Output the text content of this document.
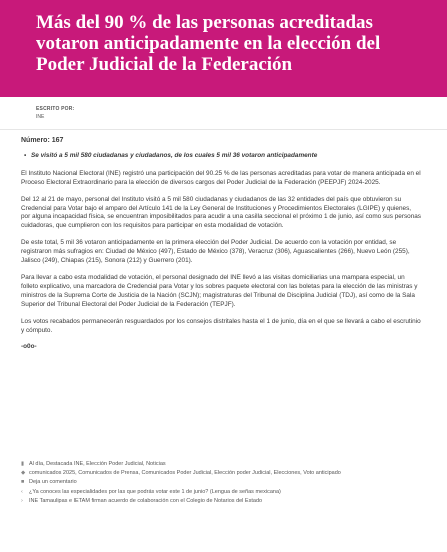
Más del 90 % de las personas acreditadas votaron anticipadamente en la elección del Poder Judicial de la Federación
ESCRITO POR:
INE
Número: 167
▪ Se visitó a 5 mil 580 ciudadanas y ciudadanos, de los cuales 5 mil 36 votaron anticipadamente

El Instituto Nacional Electoral (INE) registró una participación del 90.25 % de las personas acreditadas para votar de manera anticipada en el Proceso Electoral Extraordinario para la elección de diversos cargos del Poder Judicial de la Federación (PEEPJF) 2024-2025.

Del 12 al 21 de mayo, personal del Instituto visitó a 5 mil 580 ciudadanas y ciudadanos de las 32 entidades del país que obtuvieron su Credencial para Votar bajo el amparo del Artículo 141 de la Ley General de Instituciones y Procedimientos Electorales (LGIPE) y quienes, por alguna incapacidad física, se encuentran imposibilitados para acudir a una casilla seccional el próximo 1 de junio, así como sus personas cuidadoras, que cumplieron con los requisitos para participar en esta modalidad de votación.

De este total, 5 mil 36 votaron anticipadamente en la primera elección del Poder Judicial. De acuerdo con la votación por entidad, se registraron más sufragios en: Ciudad de México (497), Estado de México (378), Veracruz (306), Aguascalientes (266), Nuevo León (255), Jalisco (249), Chiapas (215), Sonora (212) y Guerrero (201).

Para llevar a cabo esta modalidad de votación, el personal designado del INE llevó a las visitas domiciliarias una mampara especial, un folleto explicativo, una marcadora de Credencial para Votar y los sobres paquete electoral con las boletas para la elección de las ministras y ministros de la Suprema Corte de Justicia de la Nación (SCJN); magistraturas del Tribunal de Disciplina Judicial (TDJ), así como de la Sala Superior del Tribunal Electoral del Poder Judicial de la Federación (TEPJF).

Los votos recabados permanecerán resguardados por los consejos distritales hasta el 1 de junio, día en el que se llevará a cabo el escrutinio y cómputo.

-o0o-
▮ Al día, Destacada INE, Elección Poder Judicial, Noticias
◆ comunicados 2025, Comunicados de Prensa, Comunicados Poder Judicial, Elección poder Judicial, Elecciones, Voto anticipado
■ Deja un comentario
‹	¿Ya conoces las especialidades por las que podrás votar este 1 de junio? (Lengua de señas mexicana)
›	INE Tamaulipas e IETAM firman acuerdo de colaboración con el Colegio de Notarios del Estado
